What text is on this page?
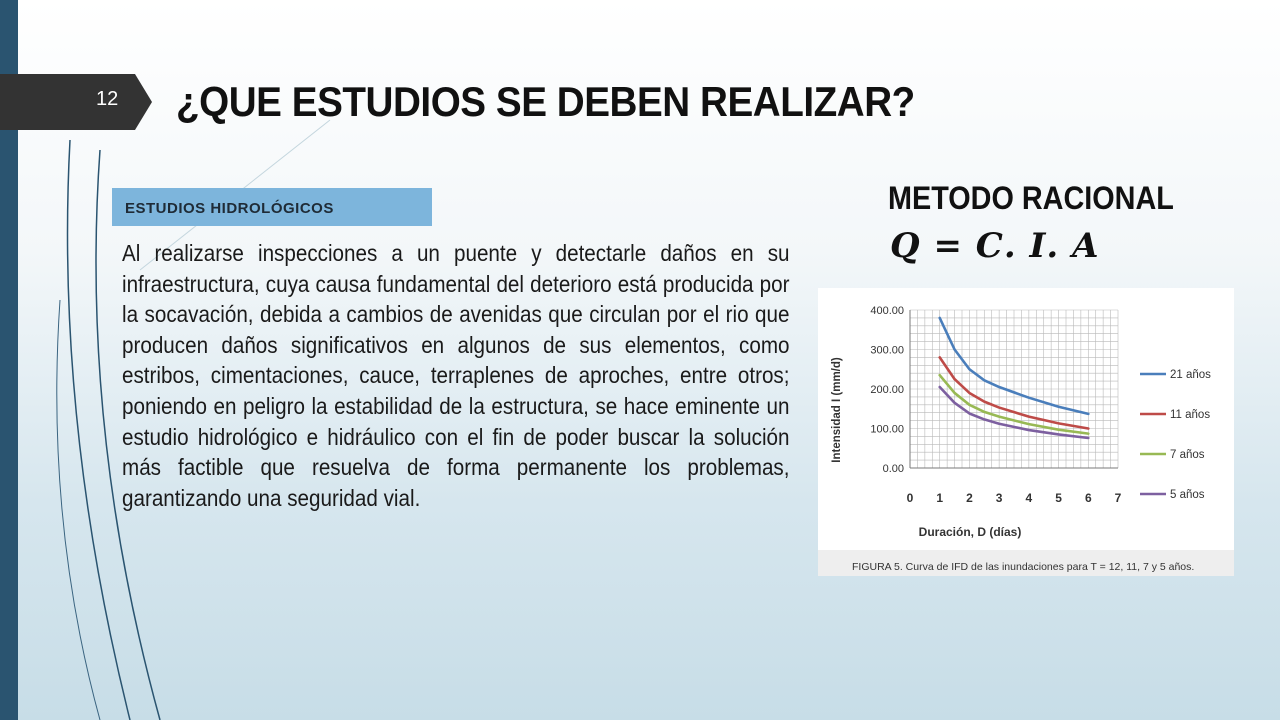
12 ¿QUE ESTUDIOS SE DEBEN REALIZAR?
ESTUDIOS HIDROLÓGICOS

Al realizarse inspecciones a un puente y detectarle daños en su infraestructura, cuya causa fundamental del deterioro está producida por la socavación, debida a cambios de avenidas que circulan por el rio que producen daños significativos en algunos de sus elementos, como estribos, cimentaciones, cauce, terraplenes de aproches, entre otros; poniendo en peligro la estabilidad de la estructura, se hace eminente un estudio hidrológico e hidráulico con el fin de poder buscar la solución más factible que resuelva de forma permanente los problemas, garantizando una seguridad vial.

METODO RACIONAL
𝑸 = 𝑪. 𝑰. 𝑨
0.00
100.00
200.00
300.00
400.00
0 1 2 3 4 5 6 7
21 años
11 años
7 años
5 años
Intensidad I (mm/d)
Duración, D (días)
FIGURA 5. Curva de IFD de las inundaciones para T = 12, 11, 7 y 5 años.
